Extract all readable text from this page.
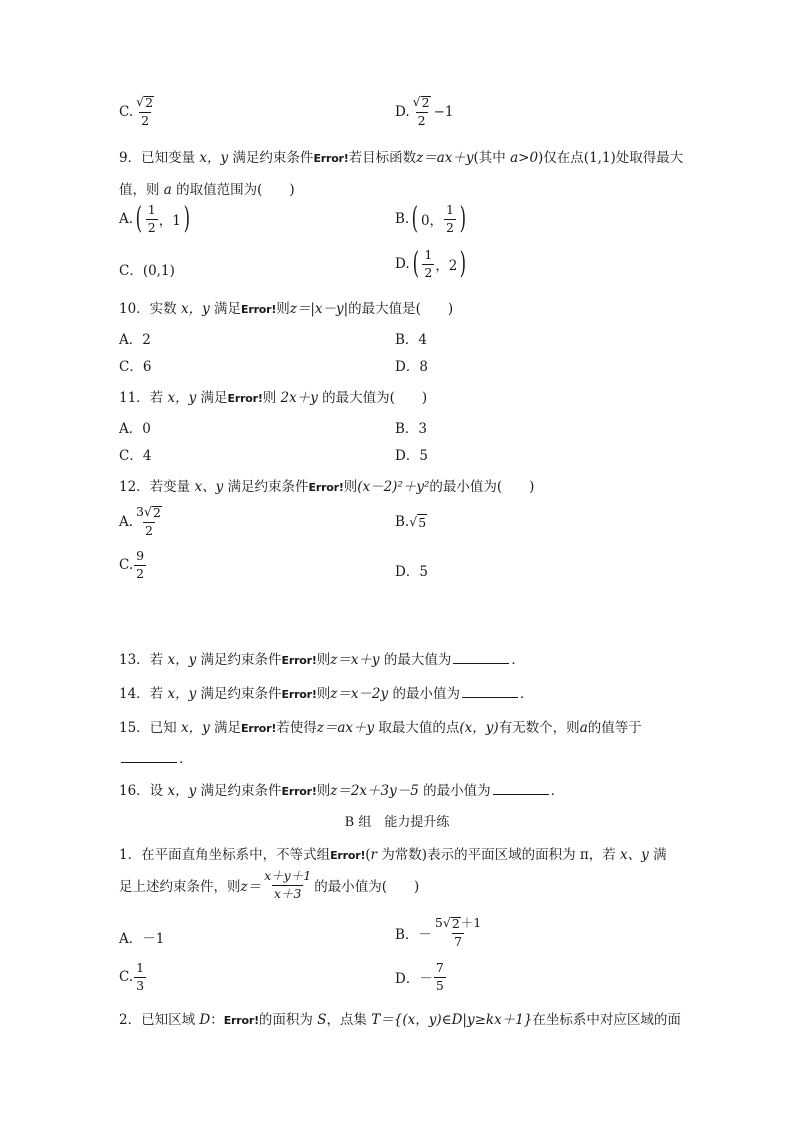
C. $\frac{√ 2}{2}$	D. $\frac{√ 2}{2} -1$
9．已知变量 x，y 满足约束条件Error!若目标函数z＝ax＋y(其中 a>0)仅在点(1,1)处取得最大
值，则 a 的取值范围为(　　)
A. ( $\frac{1}{2}$ ，1 )	B. ( 0， $\frac{1}{2}$ )
C．(0,1)	D. ( $\frac{1}{2}$ ，2 )
10．实数 x，y 满足Error!则z＝|x－y|的最大值是(　　)
A．2	B．4
C．6	D．8
11．若 x，y 满足Error!则 2x＋y 的最大值为(　　)
A．0	B．3
C．4	D．5
12．若变量 x、y 满足约束条件Error!则(x－2)²＋y²的最小值为(　　)
A. $\frac{3 √ 2}{2}$	B. √ 5
C. $\frac{9}{2}$	D．5
13．若 x，y 满足约束条件Error!则z＝x＋y 的最大值为	．
14．若 x，y 满足约束条件Error!则z＝x－2y 的最小值为	．
15．已知 x，y 满足Error!若使得z＝ax＋y 取最大值的点(x，y)有无数个，则a的值等于
．
16．设 x，y 满足约束条件Error!则z＝2x＋3y－5 的最小值为	．
B 组　能力提升练
1．在平面直角坐标系中，不等式组Error!(r 为常数)表示的平面区域的面积为 π，若 x、y 满
足上述约束条件，则 $z= \frac{x+y+1}{x+3}$ 的最小值为(　　)
A．－1	B．－ $\frac{5 √ 2 +1}{7}$
C. $\frac{1}{3}$	D．－ $\frac{7}{5}$
2．已知区域 D：Error!的面积为 S，点集 T＝{(x，y)∈D|y≥kx＋1}在坐标系中对应区域的面
